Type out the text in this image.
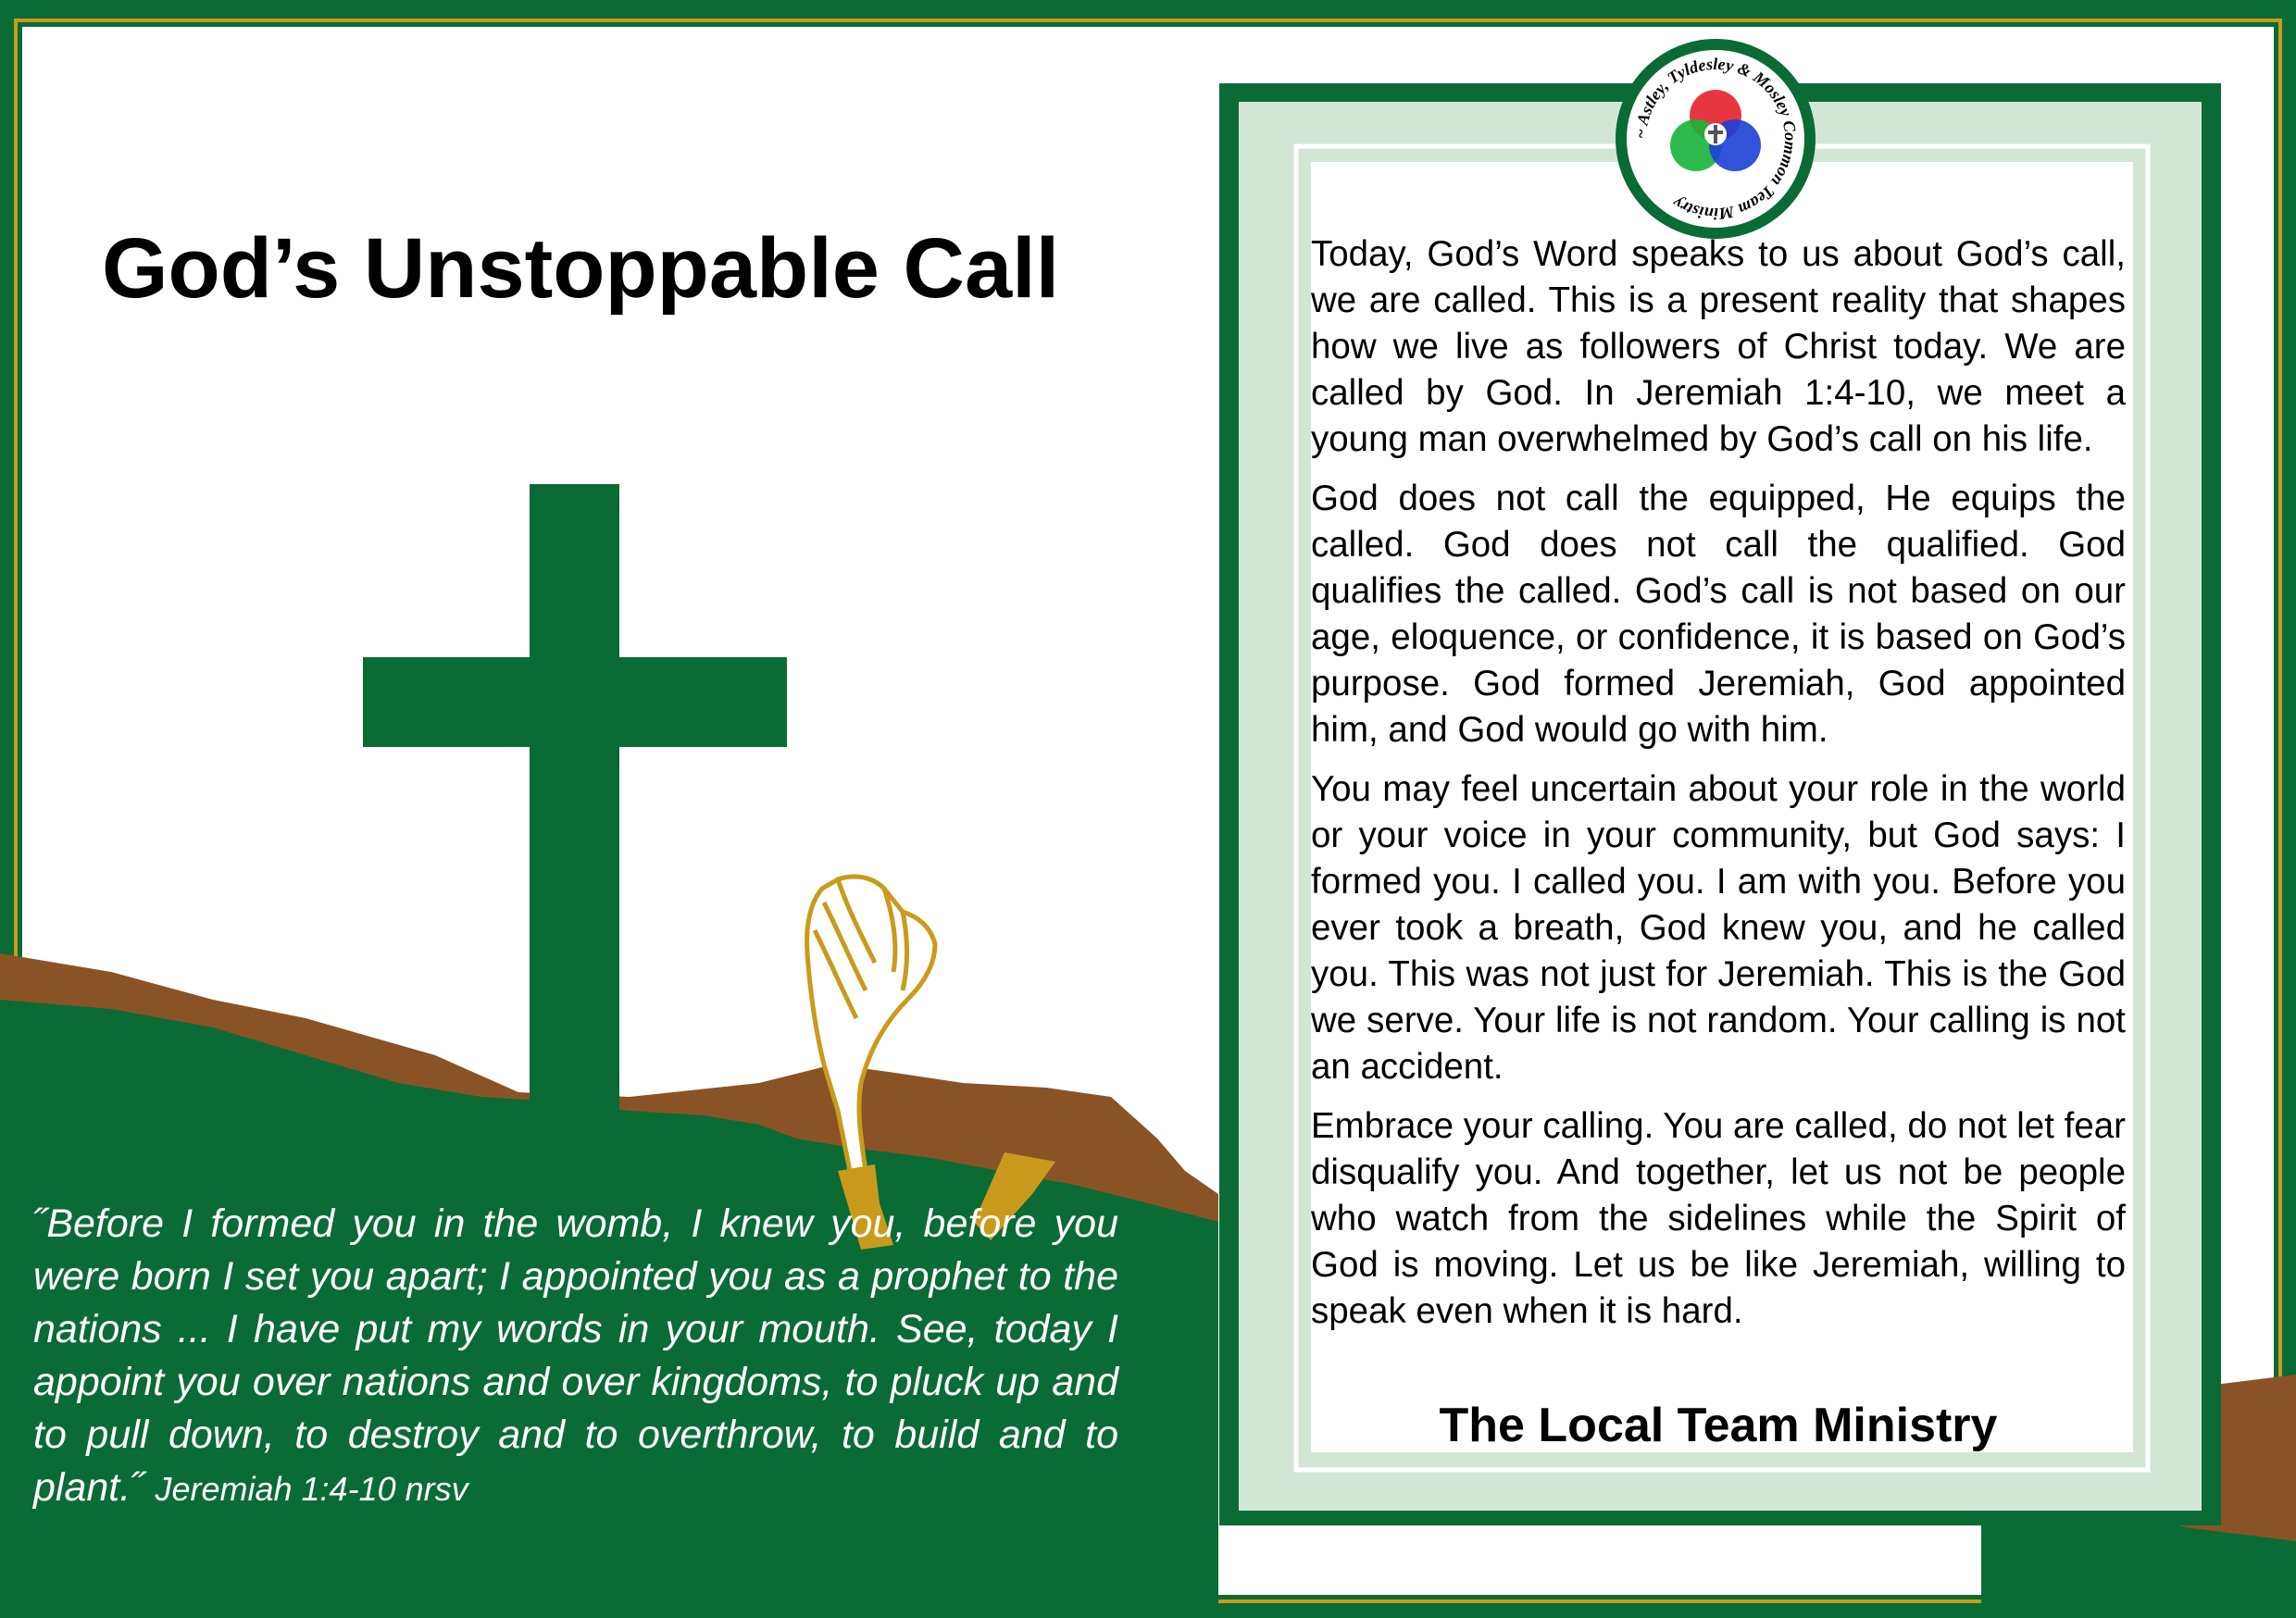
~ Astley, Tyldesley & Mosley Common Team Ministry
God’s Unstoppable Call
˝Before I formed you in the womb, I knew you, before you were born I set you apart; I appointed you as a prophet to the nations ... I have put my words in your mouth. See, today I appoint you over nations and over kingdoms, to pluck up and to pull down, to destroy and to overthrow, to build and to plant.˝ Jeremiah 1:4-10 nrsv

Today, God’s Word speaks to us about God’s call, we are called. This is a present reality that shapes how we live as followers of Christ today. We are called by God. In Jeremiah 1:4-10, we meet a young man overwhelmed by God’s call on his life.

God does not call the equipped, He equips the called. God does not call the qualified. God qualifies the called. God’s call is not based on our age, eloquence, or confidence, it is based on God’s purpose. God formed Jeremiah, God appointed him, and God would go with him.

You may feel uncertain about your role in the world or your voice in your community, but God says: I formed you. I called you. I am with you. Before you ever took a breath, God knew you, and he called you. This was not just for Jeremiah. This is the God we serve. Your life is not random. Your calling is not an accident.

Embrace your calling. You are called, do not let fear disqualify you. And together, let us not be people who watch from the sidelines while the Spirit of God is moving. Let us be like Jeremiah, willing to speak even when it is hard.

The Local Team Ministry
